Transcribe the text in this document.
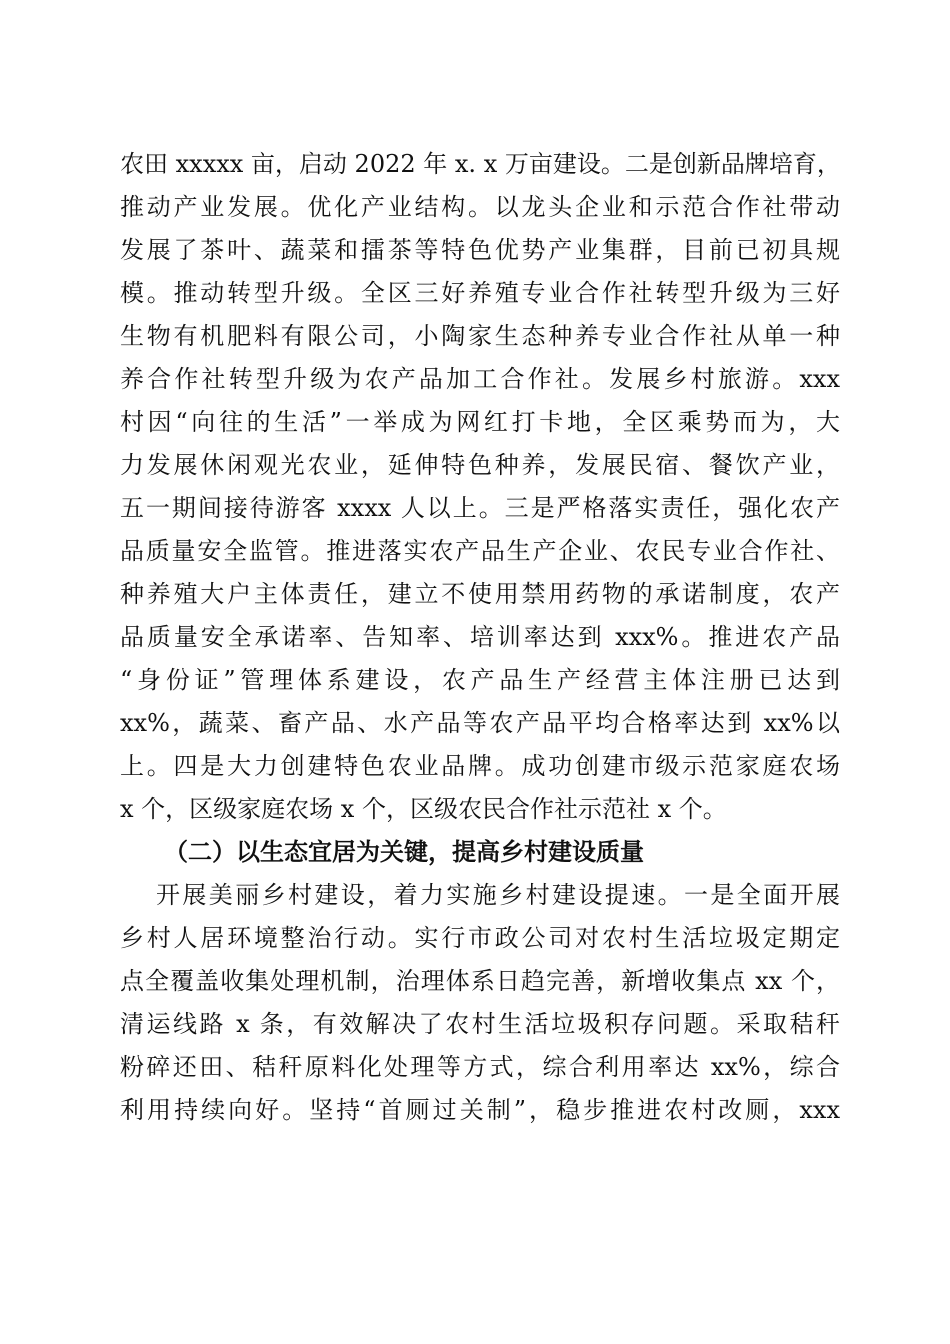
农田 xxxxx 亩，启动 2022 年 x. x 万亩建设。二是创新品牌培育，
推动产业发展。优化产业结构。以龙头企业和示范合作社带动
发展了茶叶、蔬菜和擂茶等特色优势产业集群，目前已初具规
模。推动转型升级。全区三好养殖专业合作社转型升级为三好
生物有机肥料有限公司，小陶家生态种养专业合作社从单一种
养合作社转型升级为农产品加工合作社。发展乡村旅游。xxx
村因“向往的生活”一举成为网红打卡地，全区乘势而为，大
力发展休闲观光农业，延伸特色种养，发展民宿、餐饮产业，
五一期间接待游客 xxxx 人以上。三是严格落实责任，强化农产
品质量安全监管。推进落实农产品生产企业、农民专业合作社、
种养殖大户主体责任，建立不使用禁用药物的承诺制度，农产
品质量安全承诺率、告知率、培训率达到 xxx%。推进农产品
“身份证”管理体系建设，农产品生产经营主体注册已达到
xx%，蔬菜、畜产品、水产品等农产品平均合格率达到 xx%以
上。四是大力创建特色农业品牌。成功创建市级示范家庭农场
x 个，区级家庭农场 x 个，区级农民合作社示范社 x 个。
（二）以生态宜居为关键，提高乡村建设质量
开展美丽乡村建设，着力实施乡村建设提速。一是全面开展
乡村人居环境整治行动。实行市政公司对农村生活垃圾定期定
点全覆盖收集处理机制，治理体系日趋完善，新增收集点 xx 个，
清运线路 x 条，有效解决了农村生活垃圾积存问题。采取秸秆
粉碎还田、秸秆原料化处理等方式，综合利用率达 xx%，综合
利用持续向好。坚持“首厕过关制”，稳步推进农村改厕，xxx
